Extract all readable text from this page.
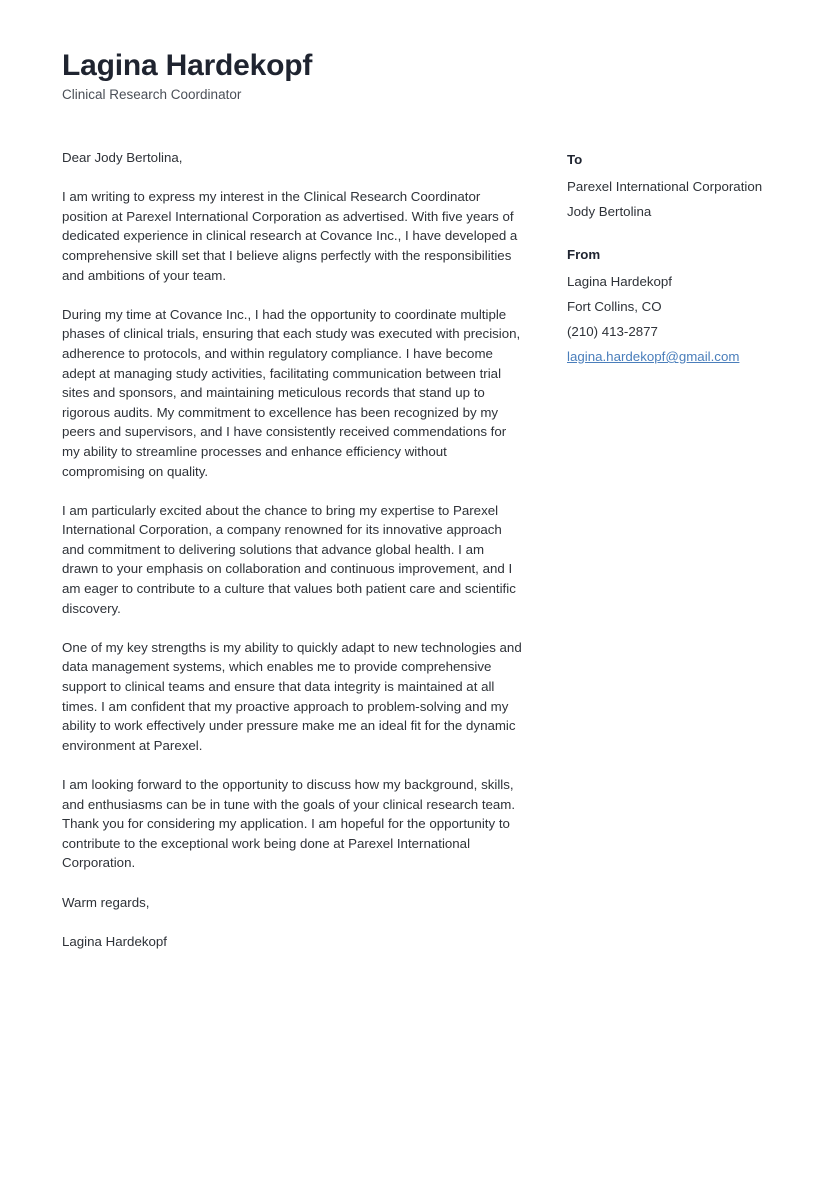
Lagina Hardekopf

Clinical Research Coordinator

Dear Jody Bertolina,

I am writing to express my interest in the Clinical Research Coordinator position at Parexel International Corporation as advertised. With five years of dedicated experience in clinical research at Covance Inc., I have developed a comprehensive skill set that I believe aligns perfectly with the responsibilities and ambitions of your team.

During my time at Covance Inc., I had the opportunity to coordinate multiple phases of clinical trials, ensuring that each study was executed with precision, adherence to protocols, and within regulatory compliance. I have become adept at managing study activities, facilitating communication between trial sites and sponsors, and maintaining meticulous records that stand up to rigorous audits. My commitment to excellence has been recognized by my peers and supervisors, and I have consistently received commendations for my ability to streamline processes and enhance efficiency without compromising on quality.

I am particularly excited about the chance to bring my expertise to Parexel International Corporation, a company renowned for its innovative approach and commitment to delivering solutions that advance global health. I am drawn to your emphasis on collaboration and continuous improvement, and I am eager to contribute to a culture that values both patient care and scientific discovery.

One of my key strengths is my ability to quickly adapt to new technologies and data management systems, which enables me to provide comprehensive support to clinical teams and ensure that data integrity is maintained at all times. I am confident that my proactive approach to problem-solving and my ability to work effectively under pressure make me an ideal fit for the dynamic environment at Parexel.

I am looking forward to the opportunity to discuss how my background, skills, and enthusiasms can be in tune with the goals of your clinical research team. Thank you for considering my application. I am hopeful for the opportunity to contribute to the exceptional work being done at Parexel International Corporation.

Warm regards,

Lagina Hardekopf

To

Parexel International Corporation

Jody Bertolina

From

Lagina Hardekopf

Fort Collins, CO

(210) 413-2877

lagina.hardekopf@gmail.com
